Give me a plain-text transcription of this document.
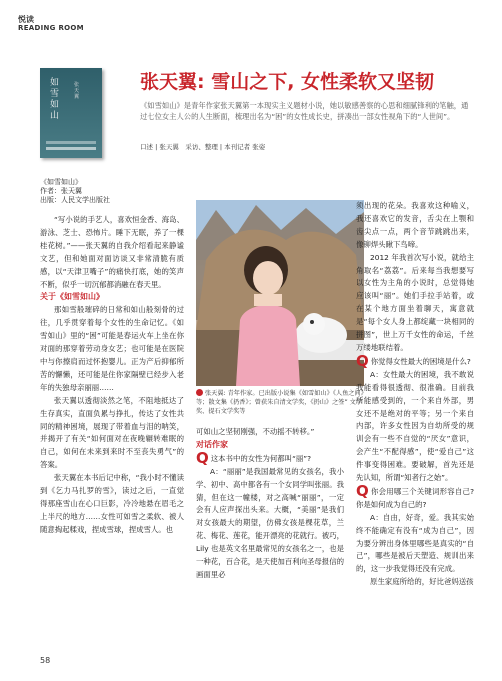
悦读
READING ROOM
如雪如山
张天翼
张天翼: 雪山之下, 女性柔软又坚韧
《如雪如山》是青年作家张天翼第一本现实主义题材小说，她以敏感善察的心思和细腻锋利的笔触，通过七位女主人公的人生断面，梳理出名为“困”的女性成长史，拼凑出一部女性视角下的“人世间”。
口述 | 张天翼　采访、整理 | 本刊记者 张姿
《如雪如山》
作者：张天翼
出版：人民文学出版社

“写小说的手艺人，喜欢恒金香、海岛、游泳、芝士、恐怖片。睡下无眠，养了一棵桂花树。”——张天翼的自我介绍看起来静谧文艺，但和她面对面访谈又非常清脆有质感，以“天津卫嘴子”的痛快打底，她的笑声不断，似乎一切沉郁都消融在春天里。

关于《如雪如山》

那如雪般璀碎的日常和如山般刻骨的过往，几乎贯穿着每个女性的生命记忆。《如雪如山》里的“困”可能是春运火车上坐在你对面的那穿着劳动身女艺；也可能是在医院中与你擦肩而过怀抱婴儿。正为产后抑郁所苦的懈懒，还可能是住你家隔壁已经步入老年的失独母亲丽丽……

张天翼以透彻淡然之笔，不阻地抵达了生存真实，直面负累与挣扎，传达了女性共同的精神困境，展现了带着血与泪的呐笑，并揭开了有关“如何面对在夜晚辗转难眠的自己，如何在未来到来时不至丧失勇气”的答案。

张天翼在本书后记中称，“我小时不懂读到《乞力马扎罗的雪》，读过之后，一直觉得那座雪山在心口巨影，冷冷地悬在眉毛之上半尺的地方……女性可如雪之柔软、被人随意掏起糅戏，捏成雪球，捏成雪人。也

张天翼: 青年作家。已出版小说集《如雪如山》《人鱼之间》等；散文集《扔香》；曾获朱自清文学奖，《扔山》之签” 文学奖、提石文学奖等

可如山之坚韧刚强，不动摇不转移。”

对话作家

Q这本书中的女性为何都叫“丽”?

A：“丽丽”是我国最常见的女孩名，我小学、初中、高中都各有一个女同学叫张丽。我猜，但在这一幢楼，对之高喊“丽丽”，一定会有人应声探出头来。大概，“美丽”是我们对女孩最大的期望，仿佛女孩是棵花草，兰花、梅花、莲花，能开漂亮的花就行。被巧，Lily 也是英文名里最常见的女孩名之一，也是一种花，百合花，是天使加百利向圣母报信的画面里必

须出现的花朵。我喜欢这种喻义，我还喜欢它的发音，舌尖在上颚和齿尖点一点，两个音节跳跳出来，像铆焊头瞅下鸟啼。

2012 年我首次写小说，就给主角取名“荔荔”。后来每当我想要写以女性为主角的小说时，总觉得她应该叫“丽”。她们手拉手站着，或在某个地方面坐着聊天，寓意就是“每个女人身上都绽藏一块相同的拼图”，世上万千女性的命运，千丝万缕地联结着。

Q你觉得女性最大的困境是什么?

A：女性最大的困境，我不敢说我能看得很透彻、很准确。目前我所能感受到的，一个来自外部，男女还不是绝对的平等；另一个来自内部，许多女性因为自幼所受的规训会有一些不自觉的“厌女”意识，会产生“不配得感”，使“爱自己”这件事变得困难。要破解，首先还是先认知，所谓“知者行之始”。

Q你会用哪三个关键词形容自己? 你是如何成为自己的?

A：自由，好奇，爱。我其实始终不能确定有没有“成为自己”，因为要分辨出身体里哪些是真实的“自己”，哪些是被后天塑造、规训出来的，这一步我觉得还没有完成。

原生家庭所给的，好比爸妈送孩

58
